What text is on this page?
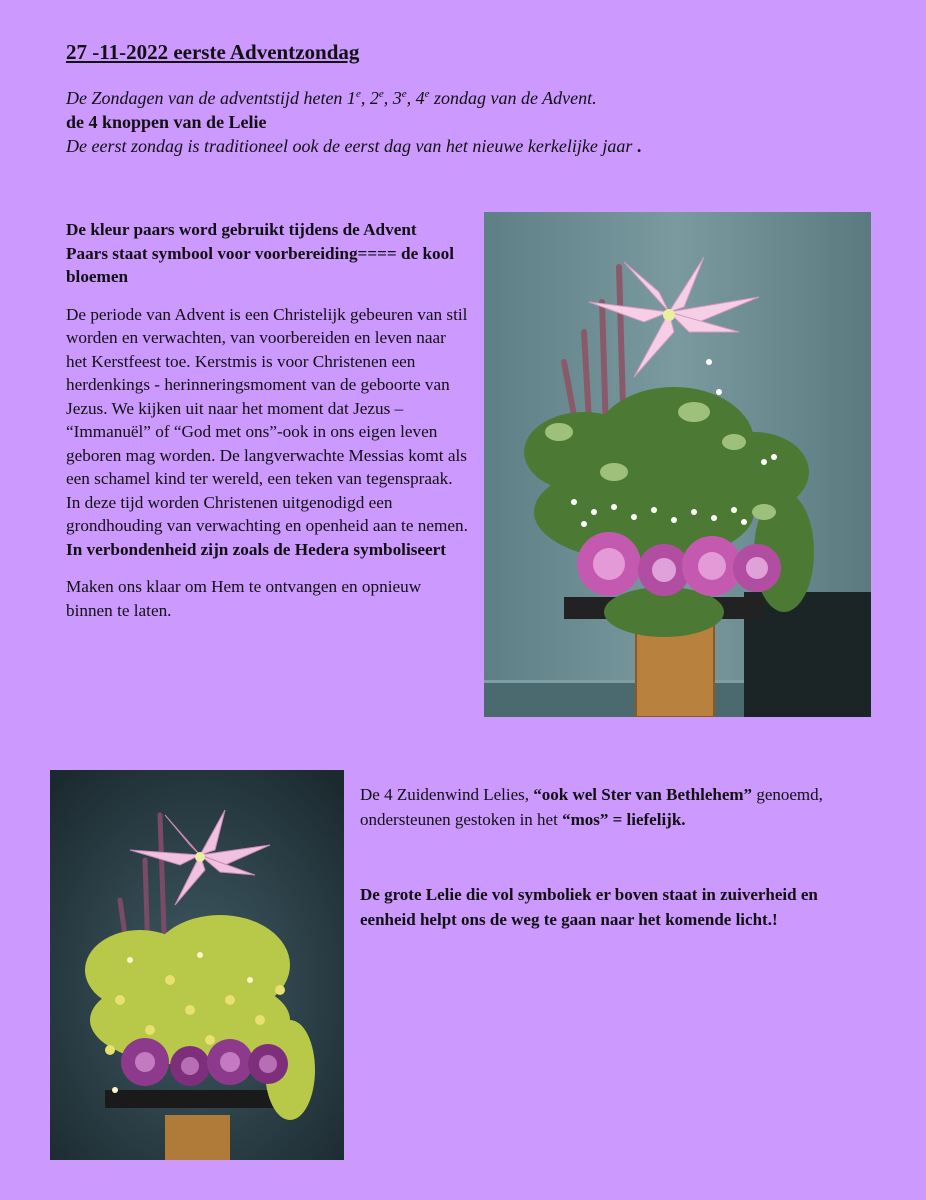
27 -11-2022 eerste Adventzondag
De Zondagen van de adventstijd heten 1e, 2e, 3e, 4e zondag van de Advent.
de 4 knoppen van de Lelie
De eerst zondag is traditioneel ook de eerst dag van het nieuwe kerkelijke jaar .

De kleur paars word gebruikt tijdens de Advent

Paars staat symbool voor voorbereiding==== de kool bloemen

De periode van Advent is een Christelijk gebeuren van stil worden en verwachten, van voorbereiden en leven naar het Kerstfeest toe. Kerstmis is voor Christenen een herdenkings - herinneringsmoment van de geboorte van Jezus. We kijken uit naar het moment dat Jezus – “Immanuël” of “God met ons”-ook in ons eigen leven geboren mag worden. De langverwachte Messias komt als een schamel kind ter wereld, een teken van tegenspraak. In deze tijd worden Christenen uitgenodigd een grondhouding van verwachting en openheid aan te nemen.

In verbondenheid zijn zoals de Hedera symboliseert

Maken ons klaar om Hem te ontvangen en opnieuw binnen te laten.

De 4 Zuidenwind Lelies, “ook wel Ster van Bethlehem” genoemd, ondersteunen gestoken in het “mos” = liefelijk.

De grote Lelie die vol symboliek er boven staat in zuiverheid en eenheid helpt ons de weg te gaan naar het komende licht.!
